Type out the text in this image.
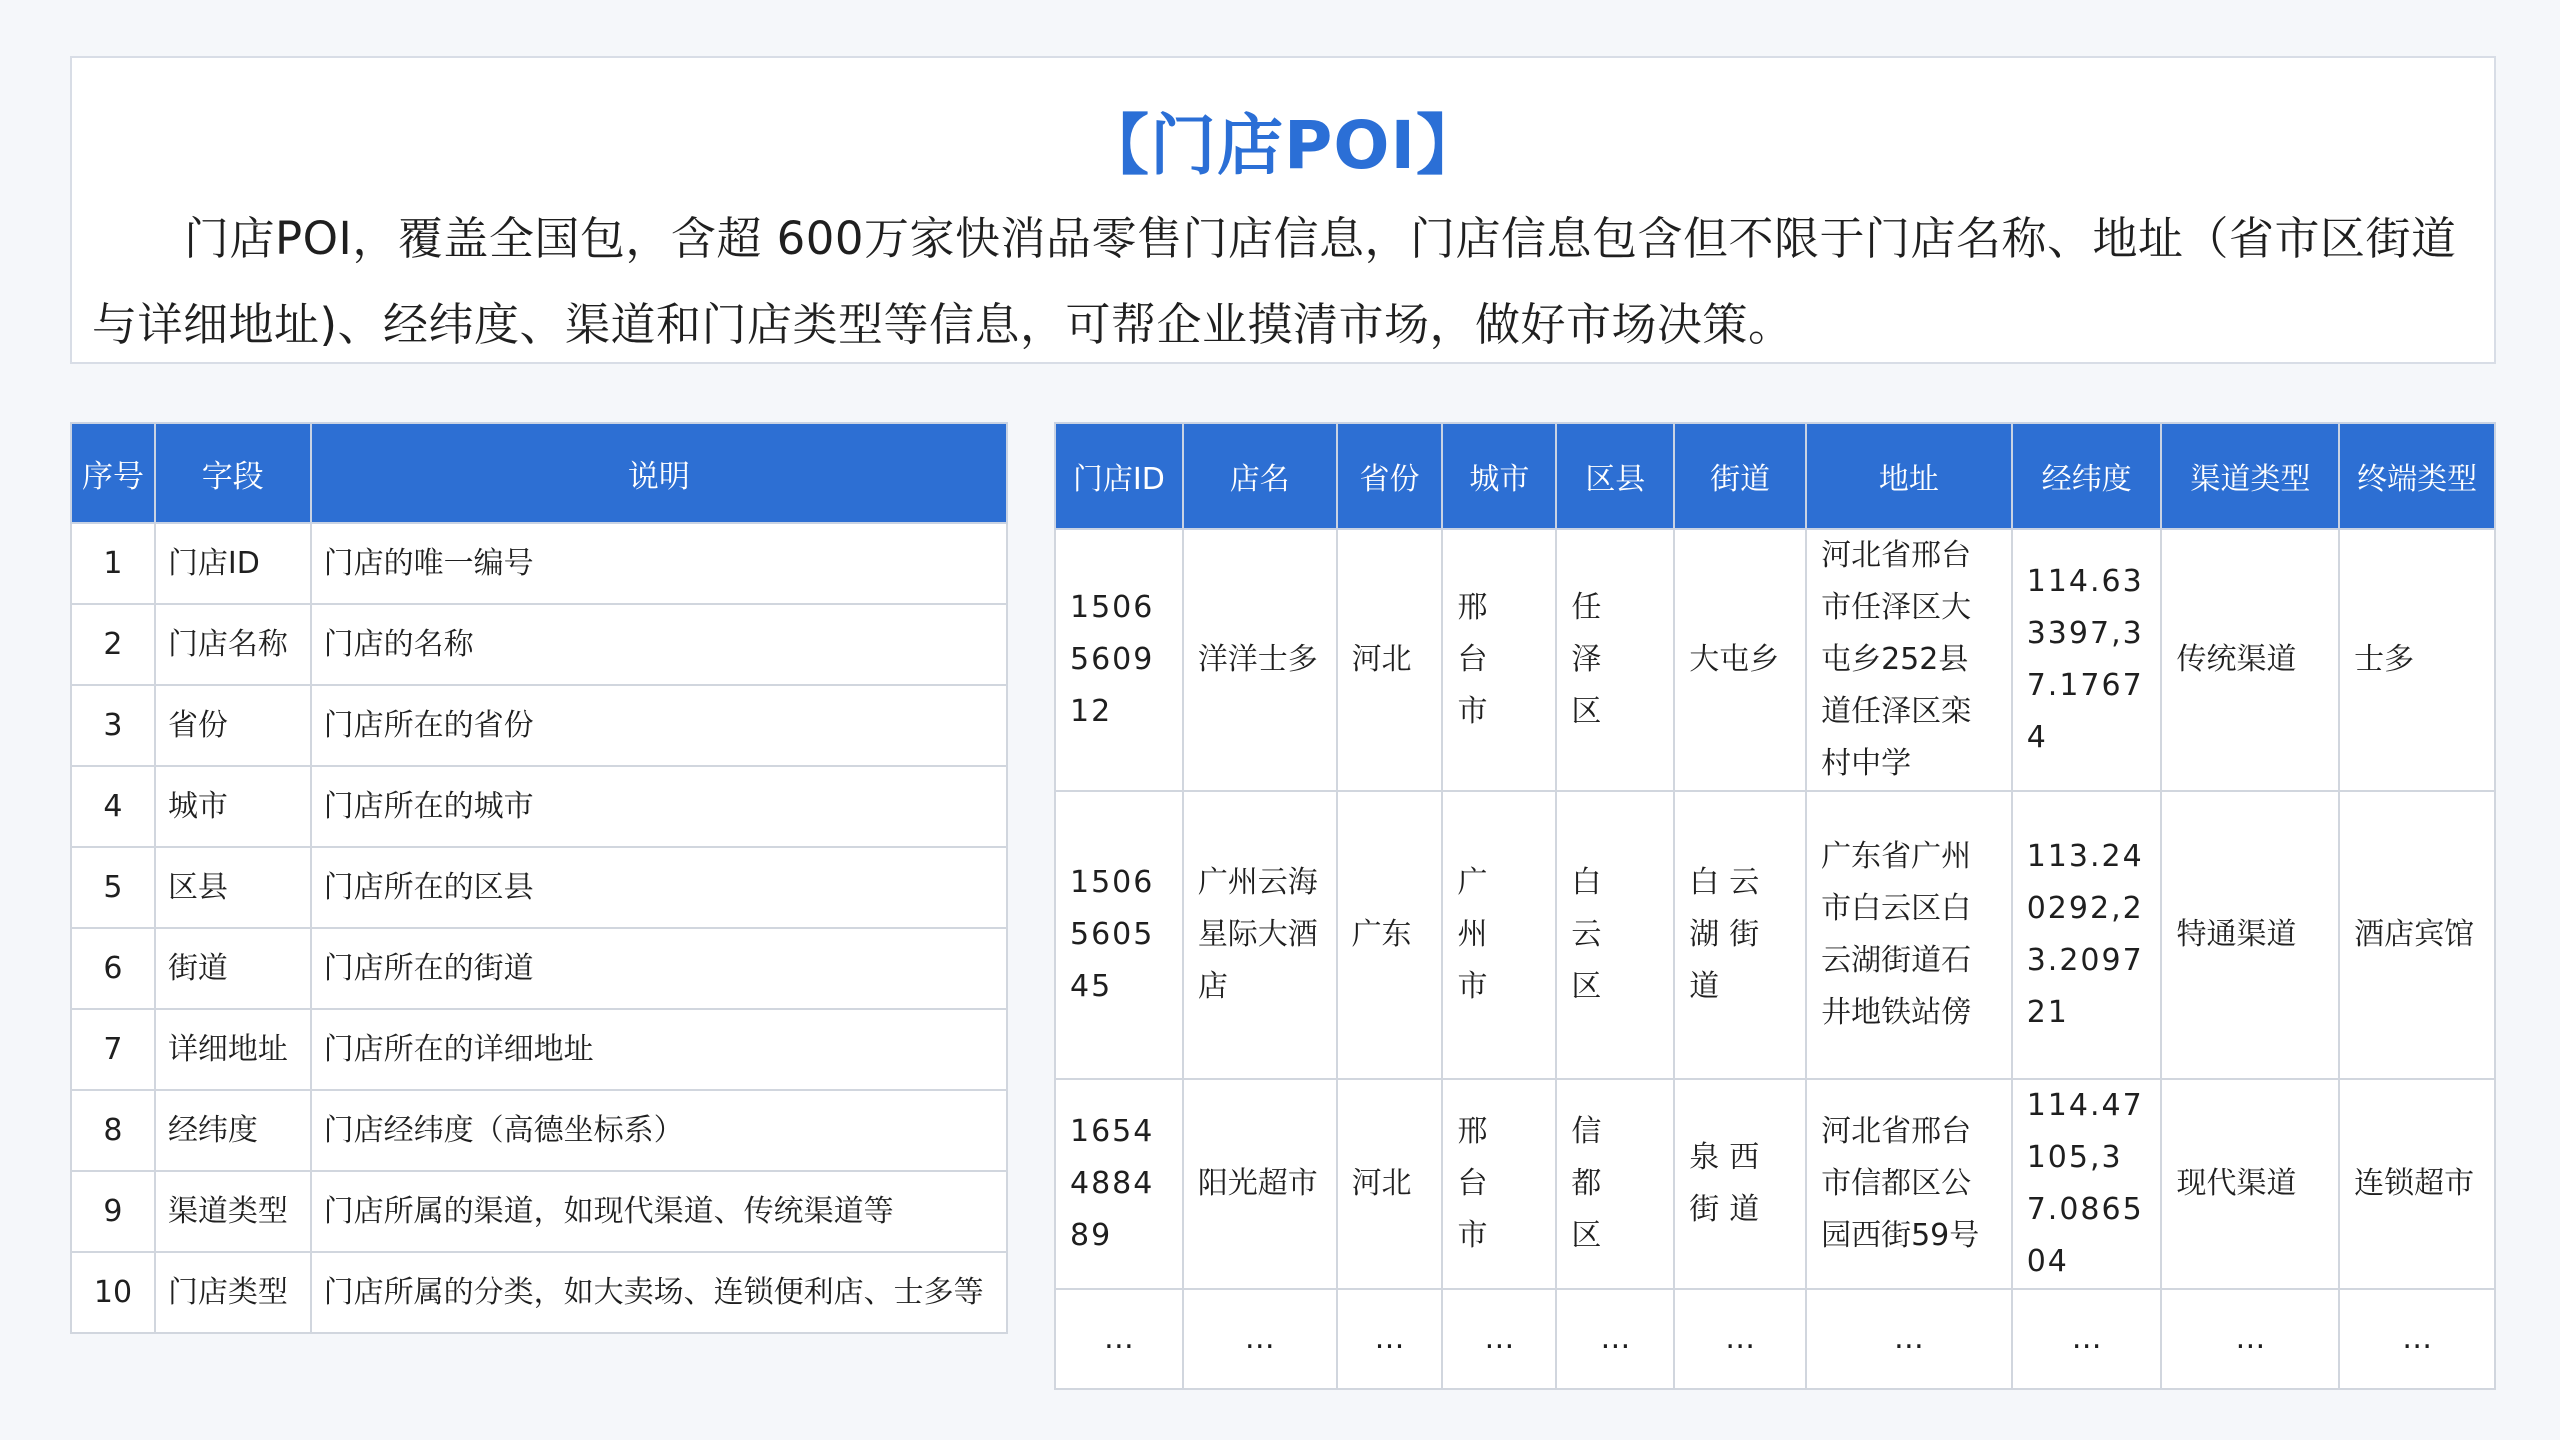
【门店POI】

门店POI，覆盖全国包，含超 600万家快消品零售门店信息，门店信息包含但不限于门店名称、地址（省市区街道与详细地址)、经纬度、渠道和门店类型等信息，可帮企业摸清市场，做好市场决策。

序号	字段	说明
1	门店ID	门店的唯一编号
2	门店名称	门店的名称
3	省份	门店所在的省份
4	城市	门店所在的城市
5	区县	门店所在的区县
6	街道	门店所在的街道
7	详细地址	门店所在的详细地址
8	经纬度	门店经纬度（高德坐标系）
9	渠道类型	门店所属的渠道，如现代渠道、传统渠道等
10	门店类型	门店所属的分类，如大卖场、连锁便利店、士多等
门店ID	店名	省份	城市	区县	街道	地址	经纬度	渠道类型	终端类型
1506560912	洋洋士多	河北	邢台市	任泽区	大屯乡	河北省邢台市任泽区大屯乡252县道任泽区栾村中学	114.633397,37.17674	传统渠道	士多
1506560545	广州云海星际大酒店	广东	广州市	白云区	白云湖街道	广东省广州市白云区白云湖街道石井地铁站傍	113.240292,23.209721	特通渠道	酒店宾馆
1654488489	阳光超市	河北	邢台市	信都区	泉西街道	河北省邢台市信都区公园西街59号	114.47105,37.086504	现代渠道	连锁超市
…	…	…	…	…	…	…	…	…	…
